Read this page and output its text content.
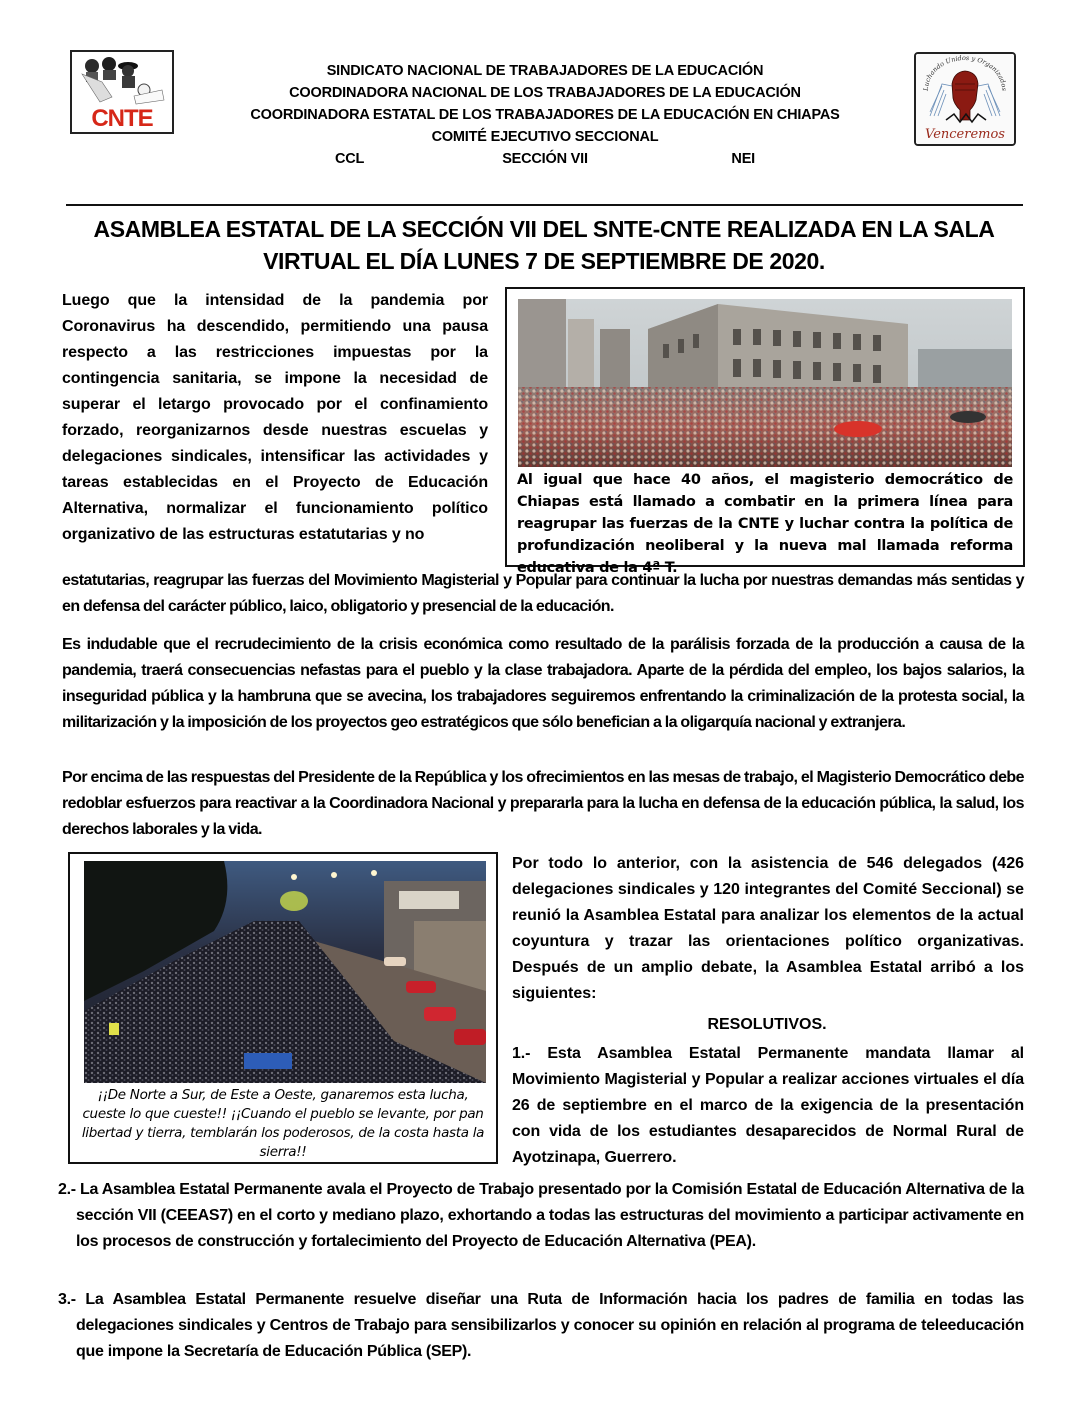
CNTE
SINDICATO NACIONAL DE TRABAJADORES DE LA EDUCACIÓN
COORDINADORA NACIONAL DE LOS TRABAJADORES DE LA EDUCACIÓN
COORDINADORA ESTATAL DE LOS TRABAJADORES DE LA EDUCACIÓN EN CHIAPAS
COMITÉ EJECUTIVO SECCIONAL
CCL	SECCIÓN VII	NEI
Luchando Unidos y Organizados
Venceremos
ASAMBLEA ESTATAL DE LA SECCIÓN VII DEL SNTE-CNTE REALIZADA EN LA SALA
VIRTUAL EL DÍA LUNES 7 DE SEPTIEMBRE DE 2020.
Luego que la intensidad de la pandemia por Coronavirus ha descendido, permitiendo una pausa respecto a las restricciones impuestas por la contingencia sanitaria, se impone la necesidad de superar el letargo provocado por el confinamiento forzado, reorganizarnos desde nuestras escuelas y delegaciones sindicales, intensificar las actividades y tareas establecidas en el Proyecto de Educación Alternativa, normalizar el funcionamiento político organizativo de las estructuras estatutarias y no
Al igual que hace 40 años, el magisterio democrático de Chiapas está llamado a combatir en la primera línea para reagrupar las fuerzas de la CNTE y luchar contra la política de profundización neoliberal y la nueva mal llamada reforma educativa de la 4ª T.
estatutarias, reagrupar las fuerzas del Movimiento Magisterial y Popular para continuar la lucha por nuestras demandas más sentidas y en defensa del carácter público, laico, obligatorio y presencial de la educación.
Es indudable que el recrudecimiento de la crisis económica como resultado de la parálisis forzada de la producción a causa de la pandemia, traerá consecuencias nefastas para el pueblo y la clase trabajadora. Aparte de la pérdida del empleo, los bajos salarios, la inseguridad pública y la hambruna que se avecina, los trabajadores seguiremos enfrentando la criminalización de la protesta social, la militarización y la imposición de los proyectos geo estratégicos que sólo benefician a la oligarquía nacional y extranjera.
Por encima de las respuestas del Presidente de la República y los ofrecimientos en las mesas de trabajo, el Magisterio Democrático debe redoblar esfuerzos para reactivar a la Coordinadora Nacional y prepararla para la lucha en defensa de la educación pública, la salud, los derechos laborales y la vida.
¡¡De Norte a Sur, de Este a Oeste, ganaremos esta lucha, cueste lo que cueste!! ¡¡Cuando el pueblo se levante, por pan libertad y tierra, temblarán los poderosos, de la costa hasta la sierra!!
Por todo lo anterior, con la asistencia de 546 delegados (426 delegaciones sindicales y 120 integrantes del Comité Seccional) se reunió la Asamblea Estatal para analizar los elementos de la actual coyuntura y trazar las orientaciones político organizativas. Después de un amplio debate, la Asamblea Estatal arribó a los siguientes:
RESOLUTIVOS.
1.- Esta Asamblea Estatal Permanente mandata llamar al Movimiento Magisterial y Popular a realizar acciones virtuales el día 26 de septiembre en el marco de la exigencia de la presentación con vida de los estudiantes desaparecidos de Normal Rural de Ayotzinapa, Guerrero.
2.- La Asamblea Estatal Permanente avala el Proyecto de Trabajo presentado por la Comisión Estatal de Educación Alternativa de la sección VII (CEEAS7) en el corto y mediano plazo, exhortando a todas las estructuras del movimiento a participar activamente en los procesos de construcción y fortalecimiento del Proyecto de Educación Alternativa (PEA).
3.- La Asamblea Estatal Permanente resuelve diseñar una Ruta de Información hacia los padres de familia en todas las delegaciones sindicales y Centros de Trabajo para sensibilizarlos y conocer su opinión en relación al programa de teleeducación que impone la Secretaría de Educación Pública (SEP).
